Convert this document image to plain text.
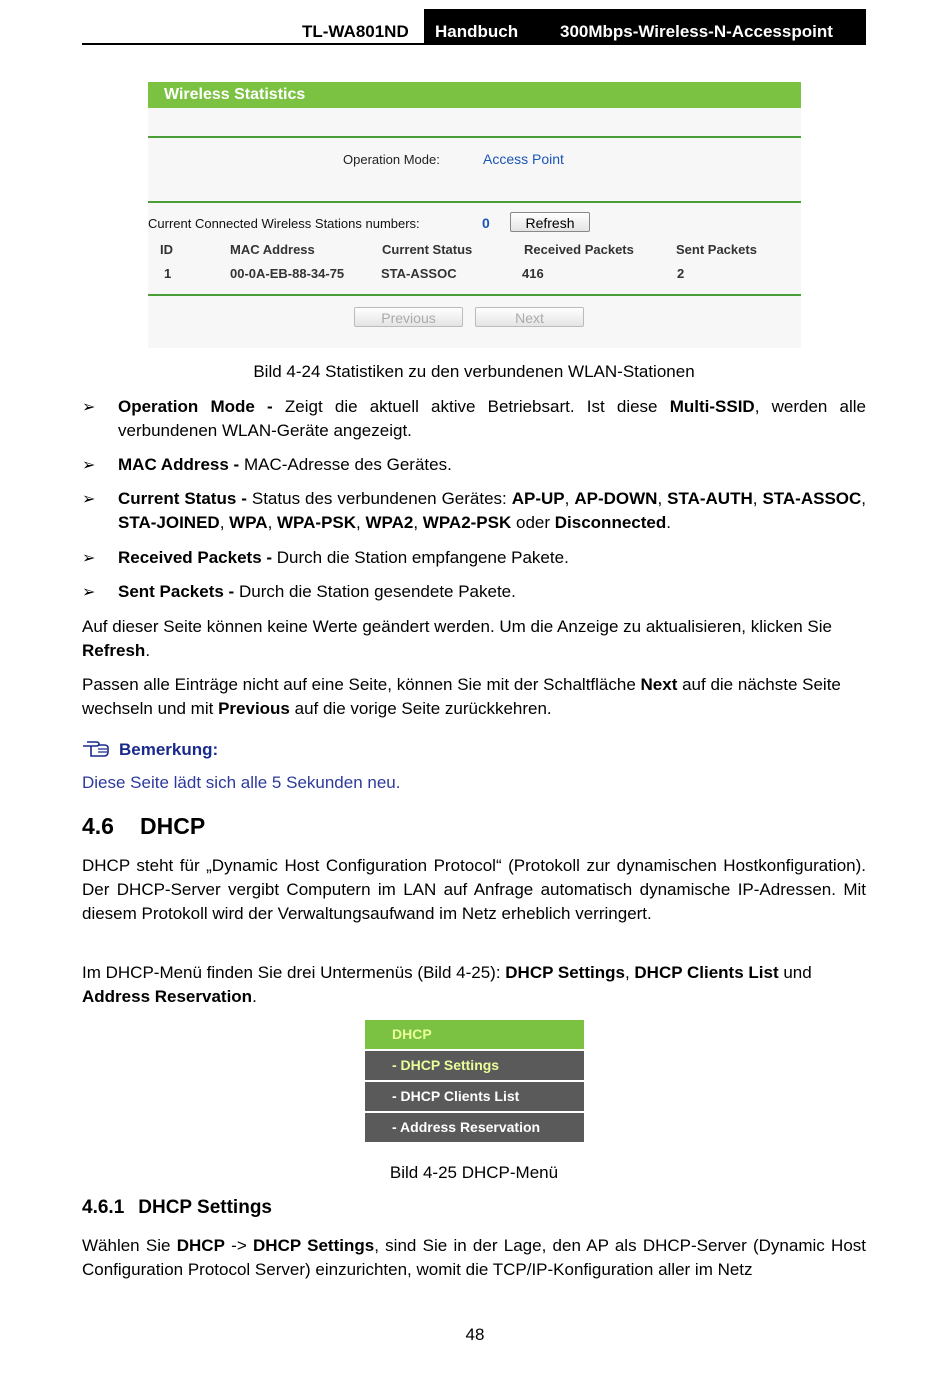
TL-WA801ND Handbuch 300Mbps-Wireless-N-Accesspoint
Wireless Statistics
Operation Mode:	Access Point
Current Connected Wireless Stations numbers:	0	Refresh
ID	MAC Address	Current Status	Received Packets	Sent Packets
1	00-0A-EB-88-34-75	STA-ASSOC	416	2
Previous	Next
Bild 4-24 Statistiken zu den verbundenen WLAN-Stationen
➢ Operation Mode - Zeigt die aktuell aktive Betriebsart. Ist diese Multi-SSID, werden alle verbundenen WLAN-Geräte angezeigt.

➢ MAC Address - MAC-Adresse des Gerätes.

➢ Current Status - Status des verbundenen Gerätes: AP-UP, AP-DOWN, STA-AUTH, STA-ASSOC, STA-JOINED, WPA, WPA-PSK, WPA2, WPA2-PSK oder Disconnected.

➢ Received Packets - Durch die Station empfangene Pakete.

➢ Sent Packets - Durch die Station gesendete Pakete.

Auf dieser Seite können keine Werte geändert werden. Um die Anzeige zu aktualisieren, klicken Sie Refresh.

Passen alle Einträge nicht auf eine Seite, können Sie mit der Schaltfläche Next auf die nächste Seite wechseln und mit Previous auf die vorige Seite zurückkehren.

Bemerkung:
Diese Seite lädt sich alle 5 Sekunden neu.
4.6 DHCP

DHCP steht für „Dynamic Host Configuration Protocol“ (Protokoll zur dynamischen Hostkonfiguration). Der DHCP-Server vergibt Computern im LAN auf Anfrage automatisch dynamische IP-Adressen. Mit diesem Protokoll wird der Verwaltungsaufwand im Netz erheblich verringert.

Im DHCP-Menü finden Sie drei Untermenüs (Bild 4-25): DHCP Settings, DHCP Clients List und Address Reservation.

DHCP
- DHCP Settings
- DHCP Clients List
- Address Reservation
Bild 4-25 DHCP-Menü
4.6.1 DHCP Settings

Wählen Sie DHCP -> DHCP Settings, sind Sie in der Lage, den AP als DHCP-Server (Dynamic Host Configuration Protocol Server) einzurichten, womit die TCP/IP-Konfiguration aller im Netz

48
